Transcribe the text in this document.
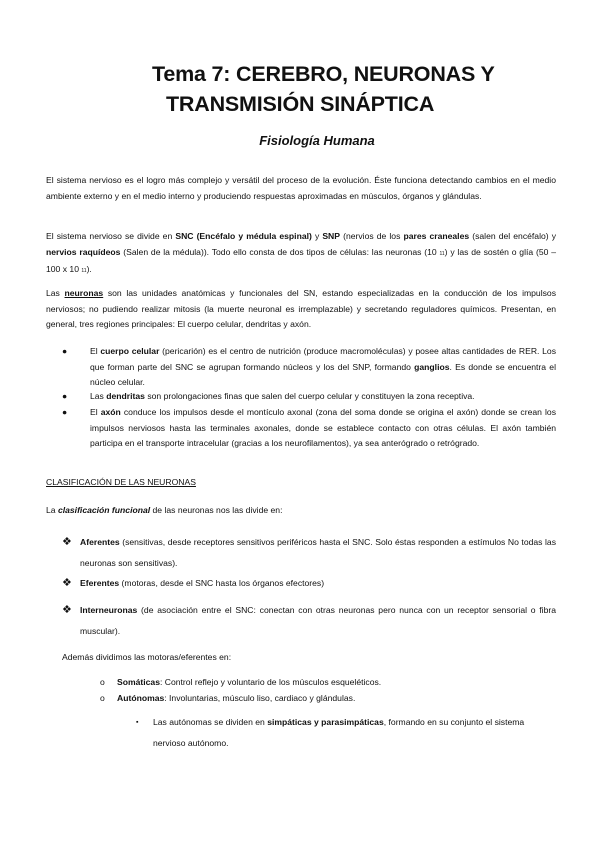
Tema 7: CEREBRO, NEURONAS Y
TRANSMISIÓN SINÁPTICA
Fisiología Humana
El sistema nervioso es el logro más complejo y versátil del proceso de la evolución. Éste funciona detectando cambios en el medio ambiente externo y en el medio interno y produciendo respuestas aproximadas en músculos, órganos y glándulas.
El sistema nervioso se divide en SNC (Encéfalo y médula espinal) y SNP (nervios de los pares craneales (salen del encéfalo) y nervios raquídeos (Salen de la médula)). Todo ello consta de dos tipos de células: las neuronas (10 11) y las de sostén o glía (50 – 100 x 10 11).
Las neuronas son las unidades anatómicas y funcionales del SN, estando especializadas en la conducción de los impulsos nerviosos; no pudiendo realizar mitosis (la muerte neuronal es irremplazable) y secretando reguladores químicos. Presentan, en general, tres regiones principales: El cuerpo celular, dendritas y axón.
●	El cuerpo celular (pericarión) es el centro de nutrición (produce macromoléculas) y posee altas cantidades de RER. Los que forman parte del SNC se agrupan formando núcleos y los del SNP, formando ganglios. Es donde se encuentra el núcleo celular.
●	Las dendritas son prolongaciones finas que salen del cuerpo celular y constituyen la zona receptiva.
●	El axón conduce los impulsos desde el montículo axonal (zona del soma donde se origina el axón) donde se crean los impulsos nerviosos hasta las terminales axonales, donde se establece contacto con otras células. El axón también participa en el transporte intracelular (gracias a los neurofilamentos), ya sea anterógrado o retrógrado.
CLASIFICACIÓN DE LAS NEURONAS
La clasificación funcional de las neuronas nos las divide en:
❖ Aferentes (sensitivas, desde receptores sensitivos periféricos hasta el SNC. Solo éstas responden a estímulos No todas las neuronas son sensitivas).
❖ Eferentes (motoras, desde el SNC hasta los órganos efectores)
❖ Interneuronas (de asociación entre el SNC: conectan con otras neuronas pero nunca con un receptor sensorial o fibra muscular).
Además dividimos las motoras/eferentes en:
o Somáticas: Control reflejo y voluntario de los músculos esqueléticos.
o Autónomas: Involuntarias, músculo liso, cardiaco y glándulas.
▪ Las autónomas se dividen en simpáticas y parasimpáticas, formando en su conjunto el sistema nervioso autónomo.
